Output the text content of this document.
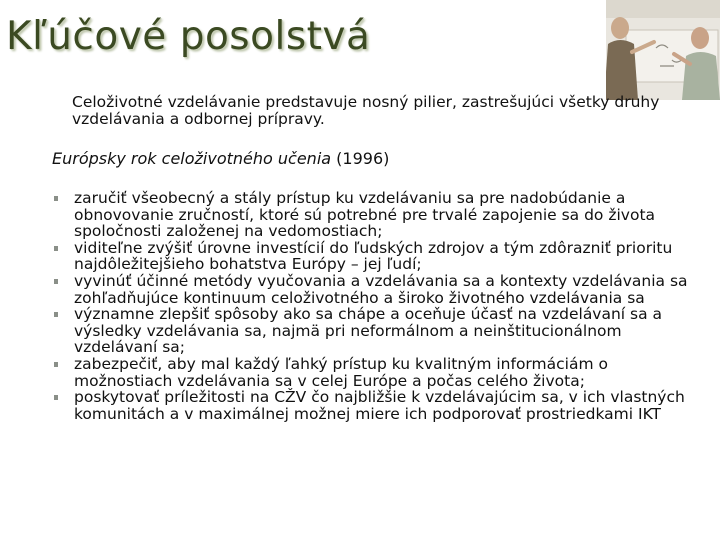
Kľúčové posolstvá

Celoživotné vzdelávanie predstavuje nosný pilier, zastrešujúci všetky druhy vzdelávania a odbornej prípravy.

Európsky rok celoživotného učenia (1996)

zaručiť všeobecný a stály prístup ku vzdelávaniu sa pre nadobúdanie a obnovovanie zručností, ktoré sú potrebné pre trvalé zapojenie sa do života spoločnosti založenej na vedomostiach;
viditeľne zvýšiť úrovne investícií do ľudských zdrojov a tým zdôrazniť prioritu najdôležitejšieho bohatstva Európy – jej ľudí;
vyvinúť účinné metódy vyučovania a vzdelávania sa a kontexty vzdelávania sa zohľadňujúce kontinuum celoživotného a široko životného vzdelávania sa
významne zlepšiť spôsoby ako sa chápe a oceňuje účasť na vzdelávaní sa a výsledky vzdelávania sa, najmä pri neformálnom a neinštitucionálnom vzdelávaní sa;
zabezpečiť, aby mal každý ľahký prístup ku kvalitným informáciám o možnostiach vzdelávania sa v celej Európe a počas celého života;
poskytovať príležitosti na CŽV čo najbližšie k vzdelávajúcim sa, v ich vlastných komunitách a v maximálnej možnej miere ich podporovať prostriedkami IKT
